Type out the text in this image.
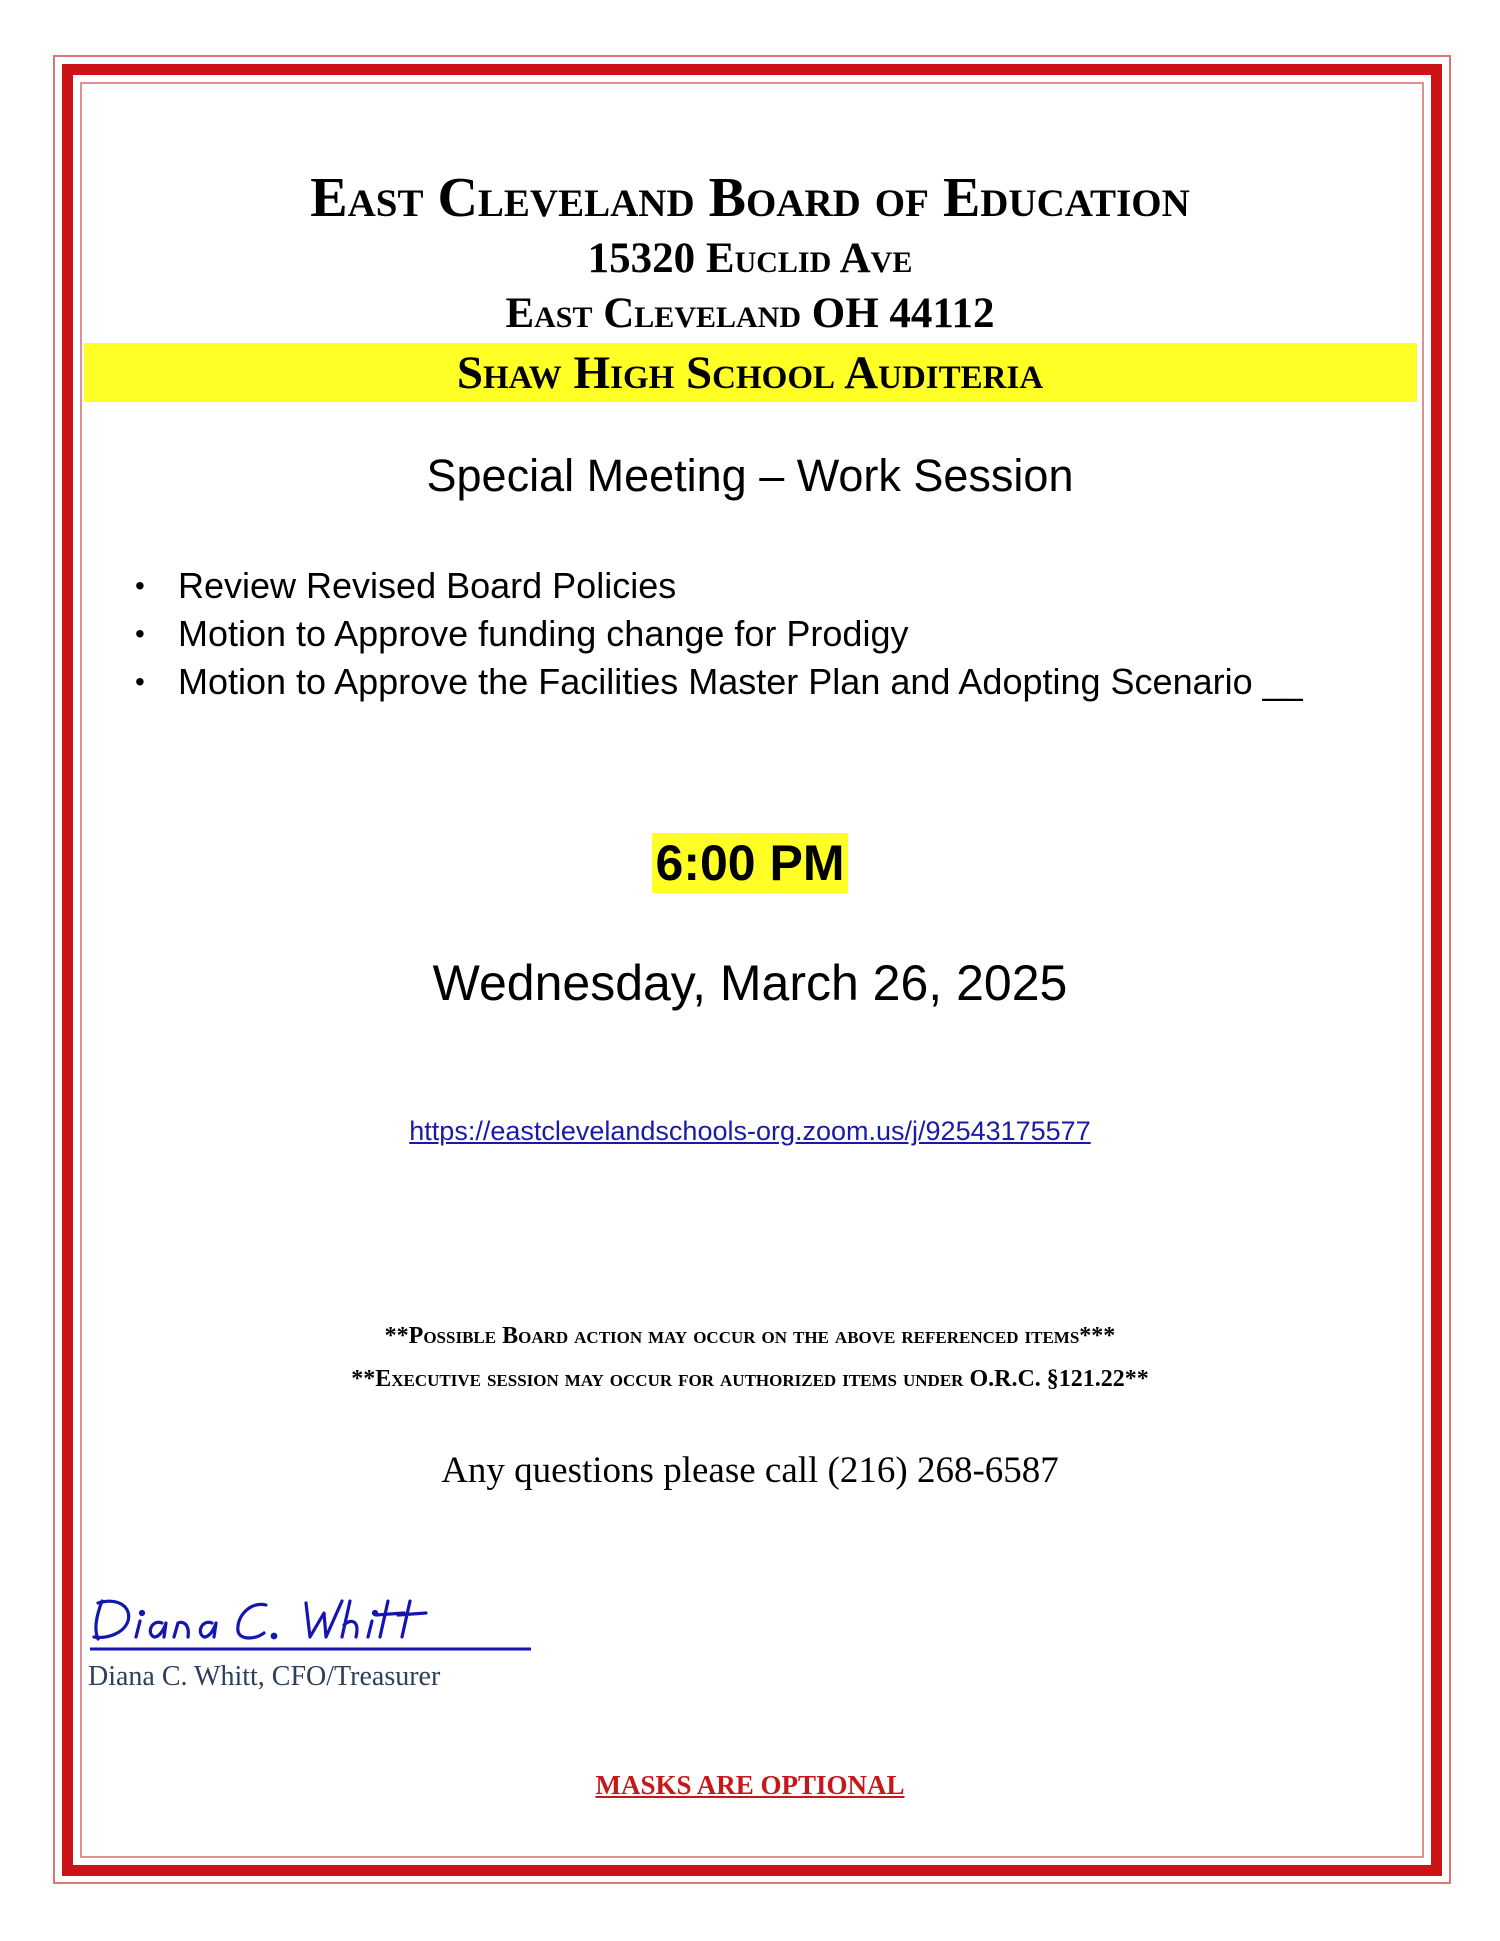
East Cleveland Board of Education
15320 Euclid Ave
East Cleveland OH 44112
Shaw High School Auditeria
Special Meeting – Work Session
• Review Revised Board Policies
• Motion to Approve funding change for Prodigy
• Motion to Approve the Facilities Master Plan and Adopting Scenario __
6:00 PM
Wednesday, March 26, 2025
https://eastclevelandschools-org.zoom.us/j/92543175577
**Possible Board action may occur on the above referenced items***
**Executive session may occur for authorized items under O.R.C. §121.22**
Any questions please call (216) 268-6587
Diana C. Whitt, CFO/Treasurer
MASKS ARE OPTIONAL
